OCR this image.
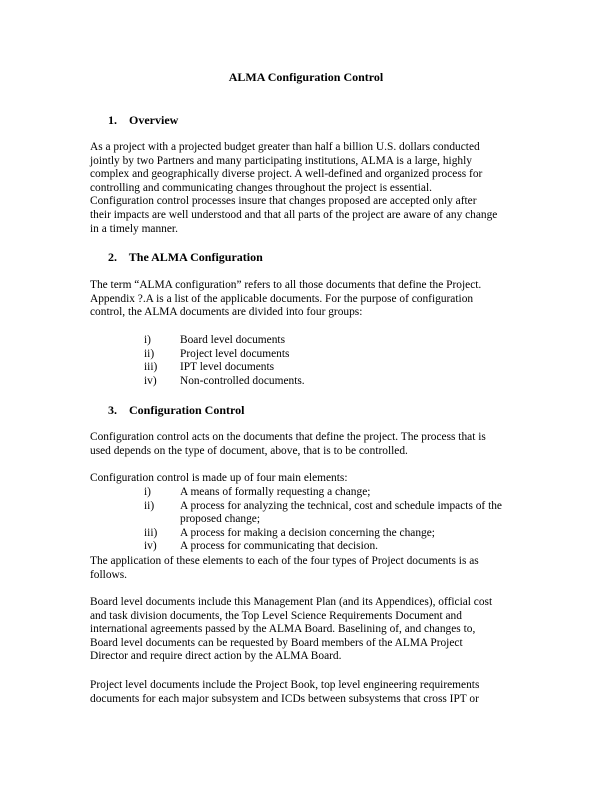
ALMA Configuration Control
1. Overview
As a project with a projected budget greater than half a billion U.S. dollars conducted
jointly by two Partners and many participating institutions, ALMA is a large, highly
complex and geographically diverse project. A well-defined and organized process for
controlling and communicating changes throughout the project is essential.
Configuration control processes insure that changes proposed are accepted only after
their impacts are well understood and that all parts of the project are aware of any change
in a timely manner.
2. The ALMA Configuration
The term “ALMA configuration” refers to all those documents that define the Project.
Appendix ?.A is a list of the applicable documents. For the purpose of configuration
control, the ALMA documents are divided into four groups:
i)	Board level documents
ii)	Project level documents
iii)	IPT level documents
iv)	Non-controlled documents.
3. Configuration Control
Configuration control acts on the documents that define the project. The process that is
used depends on the type of document, above, that is to be controlled.
Configuration control is made up of four main elements:
i)	A means of formally requesting a change;
ii)	A process for analyzing the technical, cost and schedule impacts of the
proposed change;
iii)	A process for making a decision concerning the change;
iv)	A process for communicating that decision.
The application of these elements to each of the four types of Project documents is as
follows.
Board level documents include this Management Plan (and its Appendices), official cost
and task division documents, the Top Level Science Requirements Document and
international agreements passed by the ALMA Board. Baselining of, and changes to,
Board level documents can be requested by Board members of the ALMA Project
Director and require direct action by the ALMA Board.
Project level documents include the Project Book, top level engineering requirements
documents for each major subsystem and ICDs between subsystems that cross IPT or
